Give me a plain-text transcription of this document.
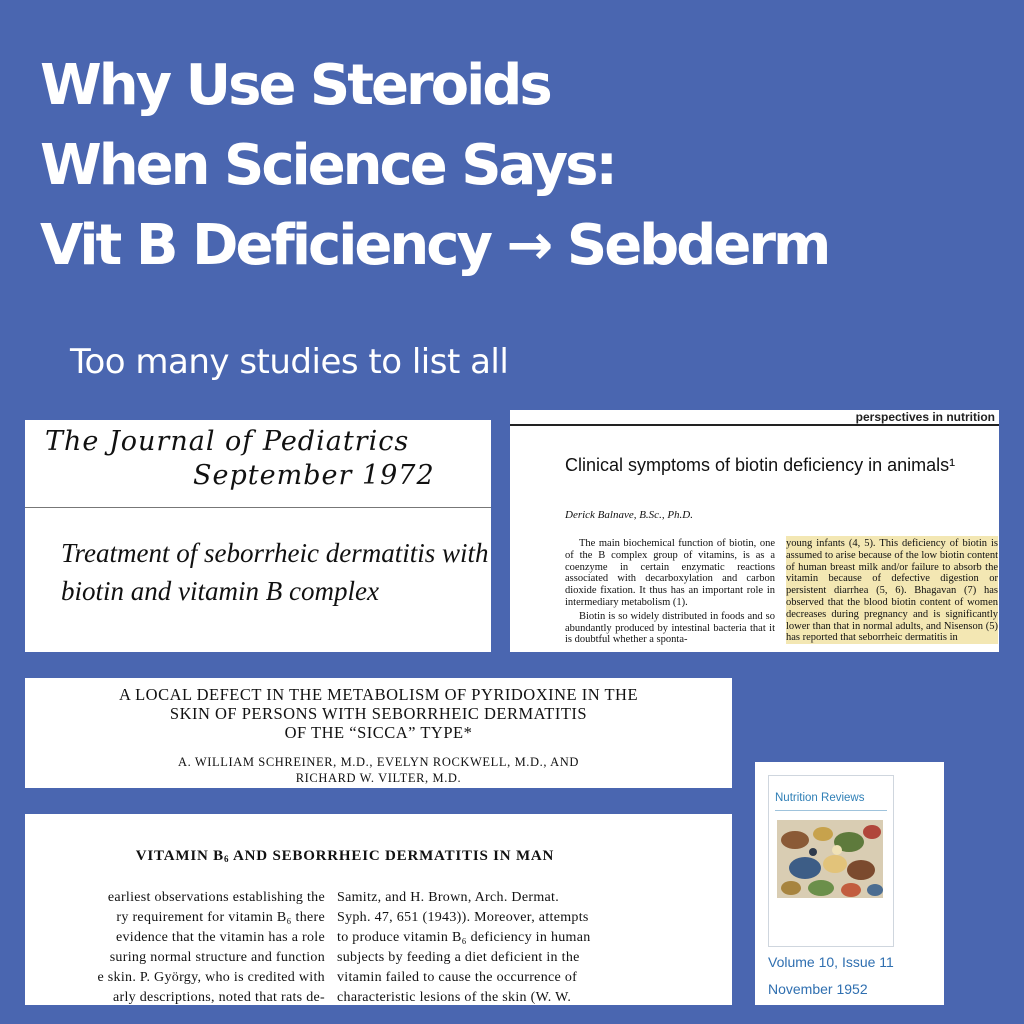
Why Use Steroids
When Science Says:
Vit B Deficiency → Sebderm
Too many studies to list all
The Journal of Pediatrics
September 1972
Treatment of seborrheic dermatitis with biotin and vitamin B complex
perspectives in nutrition
Clinical symptoms of biotin deficiency in animals¹
Derick Balnave, B.Sc., Ph.D.

The main biochemical function of biotin, one of the B complex group of vitamins, is as a coenzyme in certain enzymatic reactions associated with decarboxylation and carbon dioxide fixation. It thus has an important role in intermediary metabolism (1).

Biotin is so widely distributed in foods and so abundantly produced by intestinal bacteria that it is doubtful whether a sponta-

young infants (4, 5). This deficiency of biotin is assumed to arise because of the low biotin content of human breast milk and/or failure to absorb the vitamin because of defective digestion or persistent diarrhea (5, 6). Bhagavan (7) has observed that the blood biotin content of women decreases during pregnancy and is significantly lower than that in normal adults, and Nisenson (5) has reported that seborrheic dermatitis in

A LOCAL DEFECT IN THE METABOLISM OF PYRIDOXINE IN THE
SKIN OF PERSONS WITH SEBORRHEIC DERMATITIS
OF THE “SICCA” TYPE*
A. WILLIAM SCHREINER, M.D., EVELYN ROCKWELL, M.D., AND
RICHARD W. VILTER, M.D.
VITAMIN $B_6$ AND SEBORRHEIC DERMATITIS IN MAN
earliest observations establishing the
ry requirement for vitamin B₆ there
evidence that the vitamin has a role
suring normal structure and function
e skin. P. György, who is credited with
arly descriptions, noted that rats de-
Samitz, and H. Brown, Arch. Dermat.
Syph. 47, 651 (1943)). Moreover, attempts
to produce vitamin B₆ deficiency in human
subjects by feeding a diet deficient in the
vitamin failed to cause the occurrence of
characteristic lesions of the skin (W. W.
Nutrition Reviews
Volume 10, Issue 11
November 1952
